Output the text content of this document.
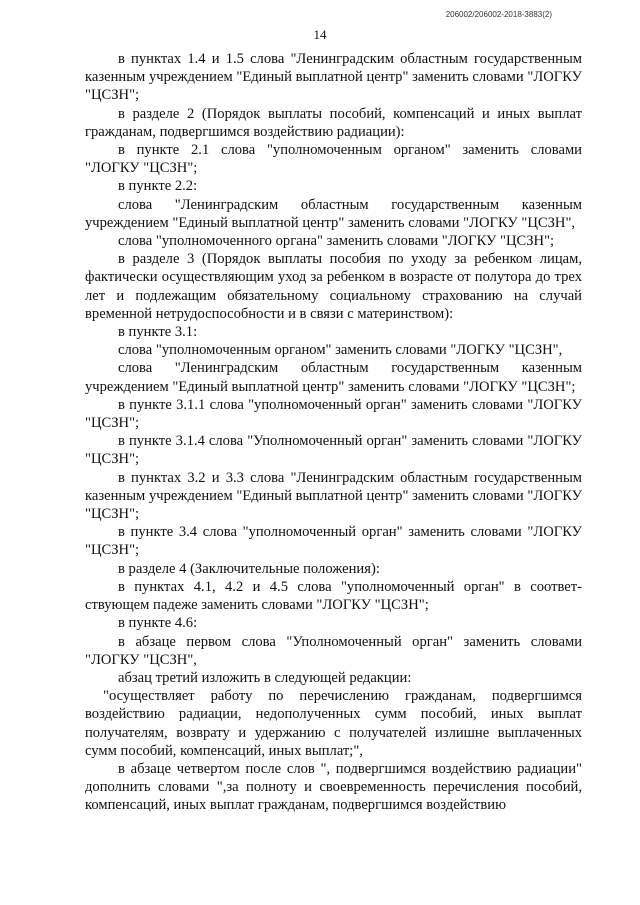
206002/206002-2018-3883(2)
14

в пунктах 1.4 и 1.5 слова "Ленинградским областным государственным казенным учреждением "Единый выплатной центр" заменить словами "ЛОГКУ "ЦСЗН";

в разделе 2 (Порядок выплаты пособий, компенсаций и иных выплат гражданам, подвергшимся воздействию радиации):

в пункте 2.1 слова "уполномоченным органом" заменить словами "ЛОГКУ "ЦСЗН";

в пункте 2.2:

слова "Ленинградским областным государственным казенным учреждением "Единый выплатной центр" заменить словами "ЛОГКУ "ЦСЗН",

слова "уполномоченного органа" заменить словами "ЛОГКУ "ЦСЗН";

в разделе 3 (Порядок выплаты пособия по уходу за ребенком лицам, фактически осуществляющим уход за ребенком в возрасте от полутора до трех лет и подлежащим обязательному социальному страхованию на случай временной нетрудоспособности и в связи с материнством):

в пункте 3.1:

слова "уполномоченным органом" заменить словами "ЛОГКУ "ЦСЗН",

слова "Ленинградским областным государственным казенным учреждением "Единый выплатной центр" заменить словами "ЛОГКУ "ЦСЗН";

в пункте 3.1.1 слова "уполномоченный орган" заменить словами "ЛОГКУ "ЦСЗН";

в пункте 3.1.4 слова "Уполномоченный орган" заменить словами "ЛОГКУ "ЦСЗН";

в пунктах 3.2 и 3.3 слова "Ленинградским областным государственным казенным учреждением "Единый выплатной центр" заменить словами "ЛОГКУ "ЦСЗН";

в пункте 3.4 слова "уполномоченный орган" заменить словами "ЛОГКУ "ЦСЗН";

в разделе 4 (Заключительные положения):

в пунктах 4.1, 4.2 и 4.5 слова "уполномоченный орган" в соответ-ствующем падеже заменить словами "ЛОГКУ "ЦСЗН";

в пункте 4.6:

в абзаце первом слова "Уполномоченный орган" заменить словами "ЛОГКУ "ЦСЗН",

абзац третий изложить в следующей редакции:

"осуществляет работу по перечислению гражданам, подвергшимся воздействию радиации, недополученных сумм пособий, иных выплат получателям, возврату и удержанию с получателей излишне выплаченных сумм пособий, компенсаций, иных выплат;",

в абзаце четвертом после слов ", подвергшимся воздействию радиации" дополнить словами ",за полноту и своевременность перечисления пособий, компенсаций, иных выплат гражданам, подвергшимся воздействию
